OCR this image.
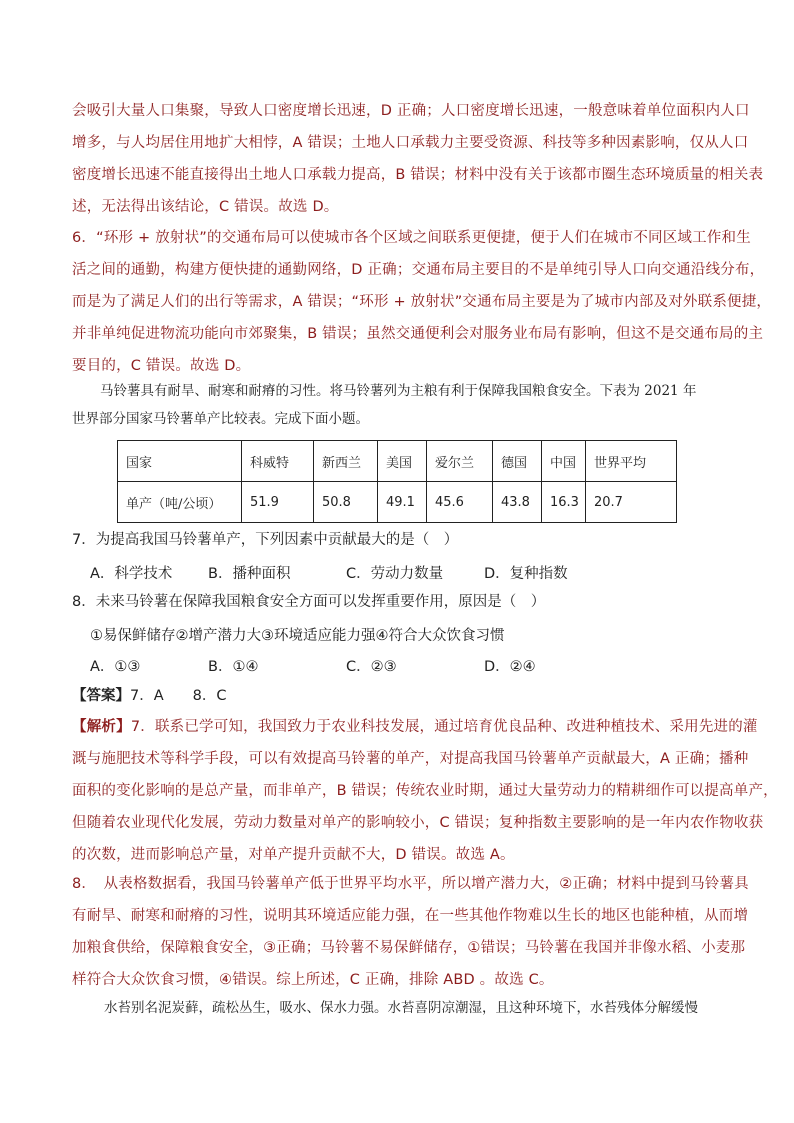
会吸引大量人口集聚，导致人口密度增长迅速，D 正确；人口密度增长迅速，一般意味着单位面积内人口
增多，与人均居住用地扩大相悖，A 错误；土地人口承载力主要受资源、科技等多种因素影响，仅从人口
密度增长迅速不能直接得出土地人口承载力提高，B 错误；材料中没有关于该都市圈生态环境质量的相关表
述，无法得出该结论，C 错误。故选 D。
6．“环形 + 放射状”的交通布局可以使城市各个区域之间联系更便捷，便于人们在城市不同区域工作和生
活之间的通勤，构建方便快捷的通勤网络，D 正确；交通布局主要目的不是单纯引导人口向交通沿线分布，
而是为了满足人们的出行等需求，A 错误；“环形 + 放射状”交通布局主要是为了城市内部及对外联系便捷，
并非单纯促进物流功能向市郊聚集，B 错误；虽然交通便利会对服务业布局有影响，但这不是交通布局的主
要目的，C 错误。故选 D。
马铃薯具有耐旱、耐寒和耐瘠的习性。将马铃薯列为主粮有利于保障我国粮食安全。下表为 2021 年
世界部分国家马铃薯单产比较表。完成下面小题。
国家	科威特	新西兰	美国	爱尔兰	德国	中国	世界平均
单产（吨/公顷）	51.9	50.8	49.1	45.6	43.8	16.3	20.7
7．为提高我国马铃薯单产，下列因素中贡献最大的是（　）
A．科学技术 B．播种面积	C．劳动力数量	D．复种指数
8．未来马铃薯在保障我国粮食安全方面可以发挥重要作用，原因是（　）
①易保鲜储存②增产潜力大③环境适应能力强④符合大众饮食习惯
A．①③	B．①④	C．②③	D．②④
【答案】7．A　　8．C
【解析】7．联系已学可知，我国致力于农业科技发展，通过培育优良品种、改进种植技术、采用先进的灌
溉与施肥技术等科学手段，可以有效提高马铃薯的单产，对提高我国马铃薯单产贡献最大，A 正确；播种
面积的变化影响的是总产量，而非单产，B 错误；传统农业时期，通过大量劳动力的精耕细作可以提高单产，
但随着农业现代化发展，劳动力数量对单产的影响较小，C 错误；复种指数主要影响的是一年内农作物收获
的次数，进而影响总产量，对单产提升贡献不大，D 错误。故选 A。
8．　从表格数据看，我国马铃薯单产低于世界平均水平，所以增产潜力大，②正确；材料中提到马铃薯具
有耐旱、耐寒和耐瘠的习性，说明其环境适应能力强，在一些其他作物难以生长的地区也能种植，从而增
加粮食供给，保障粮食安全，③正确；马铃薯不易保鲜储存，①错误；马铃薯在我国并非像水稻、小麦那
样符合大众饮食习惯，④错误。综上所述，C 正确，排除 ABD 。故选 C。
水苔别名泥炭藓，疏松丛生，吸水、保水力强。水苔喜阴凉潮湿，且这种环境下，水苔残体分解缓慢
